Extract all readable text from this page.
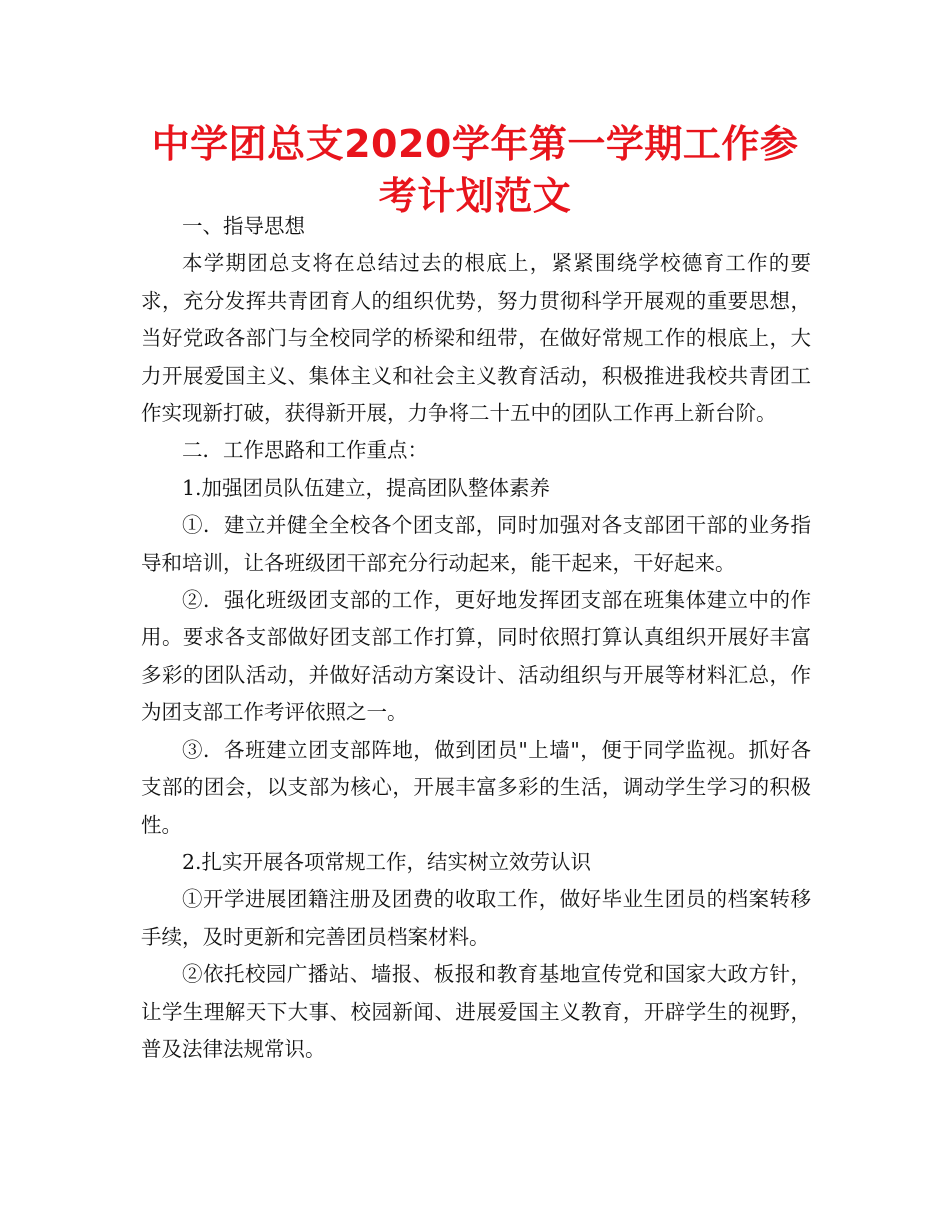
中学团总支2020学年第一学期工作参考计划范文

一、指导思想

本学期团总支将在总结过去的根底上，紧紧围绕学校德育工作的要求，充分发挥共青团育人的组织优势，努力贯彻科学开展观的重要思想，当好党政各部门与全校同学的桥梁和纽带，在做好常规工作的根底上，大力开展爱国主义、集体主义和社会主义教育活动，积极推进我校共青团工作实现新打破，获得新开展，力争将二十五中的团队工作再上新台阶。

二．工作思路和工作重点：

1.加强团员队伍建立，提高团队整体素养

①．建立并健全全校各个团支部，同时加强对各支部团干部的业务指导和培训，让各班级团干部充分行动起来，能干起来，干好起来。

②．强化班级团支部的工作，更好地发挥团支部在班集体建立中的作用。要求各支部做好团支部工作打算，同时依照打算认真组织开展好丰富多彩的团队活动，并做好活动方案设计、活动组织与开展等材料汇总，作为团支部工作考评依照之一。

③．各班建立团支部阵地，做到团员"上墙"，便于同学监视。抓好各支部的团会，以支部为核心，开展丰富多彩的生活，调动学生学习的积极性。

2.扎实开展各项常规工作，结实树立效劳认识

①开学进展团籍注册及团费的收取工作，做好毕业生团员的档案转移手续，及时更新和完善团员档案材料。

②依托校园广播站、墙报、板报和教育基地宣传党和国家大政方针，让学生理解天下大事、校园新闻、进展爱国主义教育，开辟学生的视野，普及法律法规常识。
